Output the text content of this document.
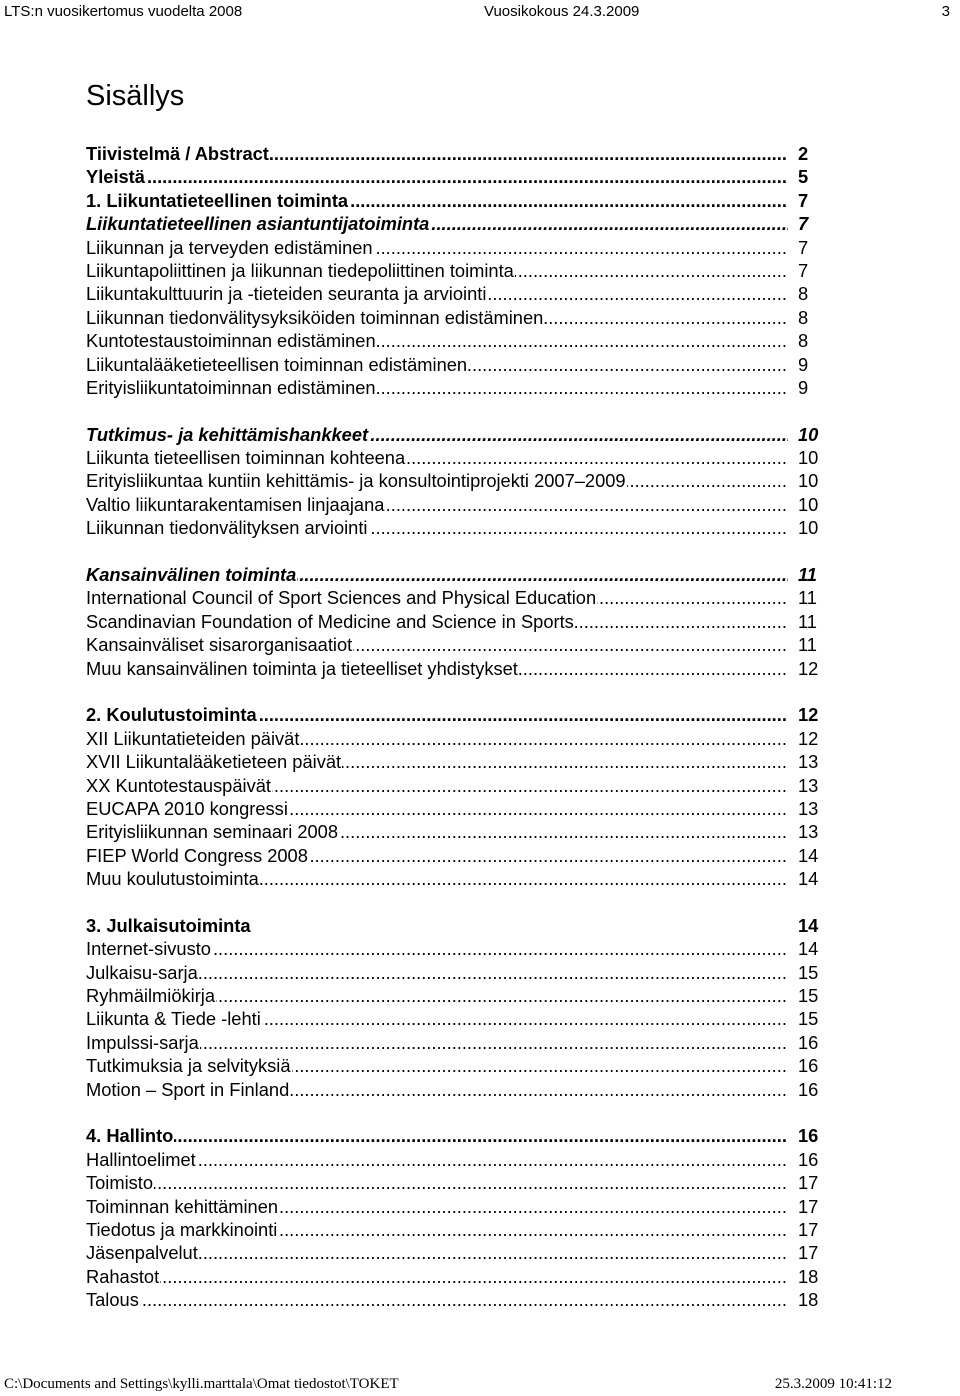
LTS:n vuosikertomus vuodelta 2008	Vuosikokous 24.3.2009	3
Sisällys
.....
Tiivistelmä / Abstract	2
.....
Yleistä	5
.....
1. Liikuntatieteellinen toiminta	7
.....
Liikuntatieteellinen asiantuntijatoiminta	7
.....
Liikunnan ja terveyden edistäminen	7
.....
Liikuntapoliittinen ja liikunnan tiedepoliittinen toiminta	7
.....
Liikuntakulttuurin ja -tieteiden seuranta ja arviointi	8
.....
Liikunnan tiedonvälitysyksiköiden toiminnan edistäminen	8
.....
Kuntotestaustoiminnan edistäminen	8
.....
Liikuntalääketieteellisen toiminnan edistäminen	9
.....
Erityisliikuntatoiminnan edistäminen	9
.....
Tutkimus- ja kehittämishankkeet	10
.....
Liikunta tieteellisen toiminnan kohteena	10
.....
Erityisliikuntaa kuntiin kehittämis- ja konsultointiprojekti 2007–2009	10
.....
Valtio liikuntarakentamisen linjaajana	10
.....
Liikunnan tiedonvälityksen arviointi	10
.....
Kansainvälinen toiminta	11
.....
International Council of Sport Sciences and Physical Education	11
.....
Scandinavian Foundation of Medicine and Science in Sports	11
.....
Kansainväliset sisarorganisaatiot	11
.....
Muu kansainvälinen toiminta ja tieteelliset yhdistykset	12
.....
2. Koulutustoiminta	12
.....
XII Liikuntatieteiden päivät	12
.....
XVII Liikuntalääketieteen päivät	13
.....
XX Kuntotestauspäivät	13
.....
EUCAPA 2010 kongressi	13
.....
Erityisliikunnan seminaari 2008	13
.....
FIEP World Congress 2008	14
.....
Muu koulutustoiminta	14
3. Julkaisutoiminta	14
.....
Internet-sivusto	14
.....
Julkaisu-sarja	15
.....
Ryhmäilmiökirja	15
.....
Liikunta & Tiede -lehti	15
.....
Impulssi-sarja	16
.....
Tutkimuksia ja selvityksiä	16
.....
Motion – Sport in Finland	16
.....
4. Hallinto	16
.....
Hallintoelimet	16
.....
Toimisto	17
.....
Toiminnan kehittäminen	17
.....
Tiedotus ja markkinointi	17
.....
Jäsenpalvelut	17
.....
Rahastot	18
.....
Talous	18
C:\Documents and Settings\kylli.marttala\Omat tiedostot\TOKET	25.3.2009 10:41:12
